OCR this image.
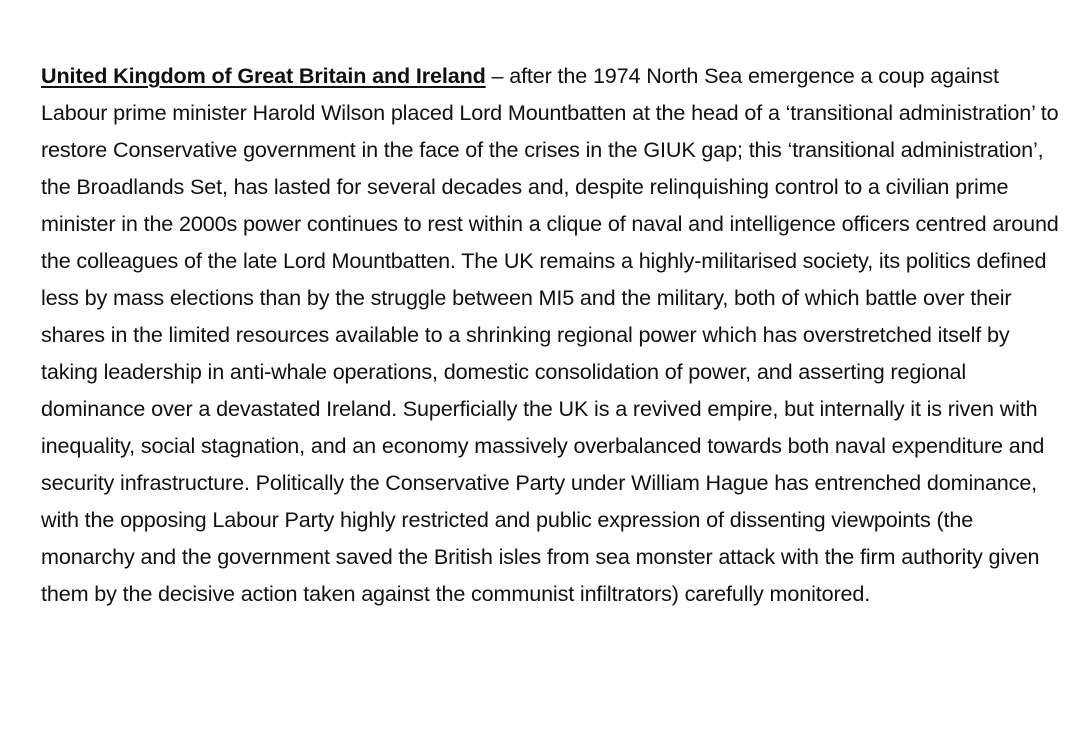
United Kingdom of Great Britain and Ireland – after the 1974 North Sea emergence a coup against Labour prime minister Harold Wilson placed Lord Mountbatten at the head of a ‘transitional administration’ to restore Conservative government in the face of the crises in the GIUK gap; this ‘transitional administration’, the Broadlands Set, has lasted for several decades and, despite relinquishing control to a civilian prime minister in the 2000s power continues to rest within a clique of naval and intelligence officers centred around the colleagues of the late Lord Mountbatten. The UK remains a highly-militarised society, its politics defined less by mass elections than by the struggle between MI5 and the military, both of which battle over their shares in the limited resources available to a shrinking regional power which has overstretched itself by taking leadership in anti-whale operations, domestic consolidation of power, and asserting regional dominance over a devastated Ireland. Superficially the UK is a revived empire, but internally it is riven with inequality, social stagnation, and an economy massively overbalanced towards both naval expenditure and security infrastructure. Politically the Conservative Party under William Hague has entrenched dominance, with the opposing Labour Party highly restricted and public expression of dissenting viewpoints (the monarchy and the government saved the British isles from sea monster attack with the firm authority given them by the decisive action taken against the communist infiltrators) carefully monitored.
